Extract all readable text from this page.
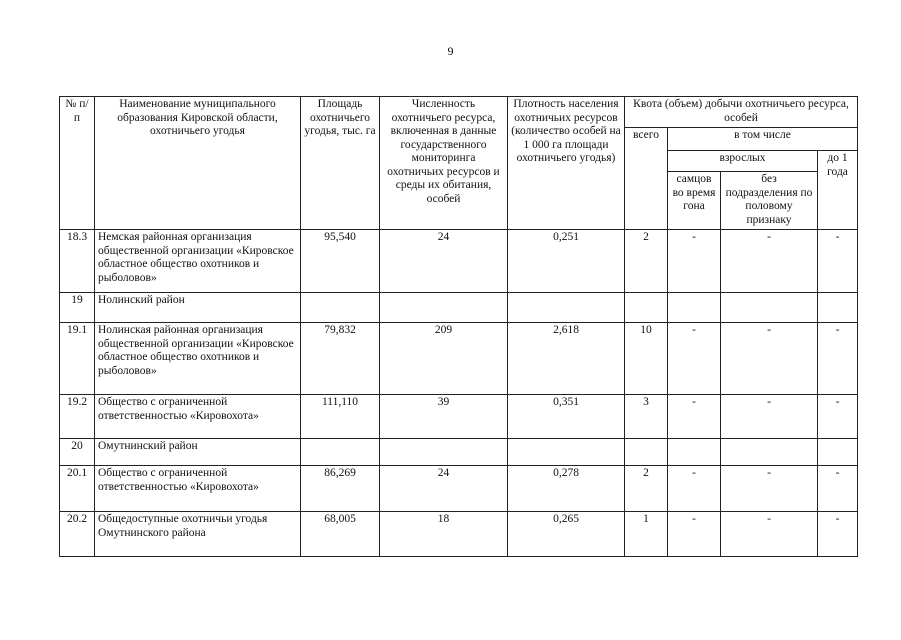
9
№ п/п	Наименование муниципального образования Кировской области, охотничьего угодья	Площадь охотничьего угодья, тыс. га	Численность охотничьего ресурса, включенная в данные государственного мониторинга охотничьих ресурсов и среды их обитания, особей	Плотность населения охотничьих ресурсов (количество особей на 1 000 га площади охотничьего угодья)	Квота (объем) добычи охотничьего ресурса, особей			
					всего	в том числе		
						взрослых		до 1 года
						самцов во время гона	без подразделения по половому признаку	
18.3	Немская районная организация общественной организации «Кировское областное общество охотников и рыболовов»	95,540	24	0,251	2	-	-	-
19	Нолинский район							
19.1	Нолинская районная организация общественной организации «Кировское областное общество охотников и рыболовов»	79,832	209	2,618	10	-	-	-
19.2	Общество с ограниченной ответственностью «Кировохота»	111,110	39	0,351	3	-	-	-
20	Омутнинский район							
20.1	Общество с ограниченной ответственностью «Кировохота»	86,269	24	0,278	2	-	-	-
20.2	Общедоступные охотничьи угодья Омутнинского района	68,005	18	0,265	1	-	-	-
